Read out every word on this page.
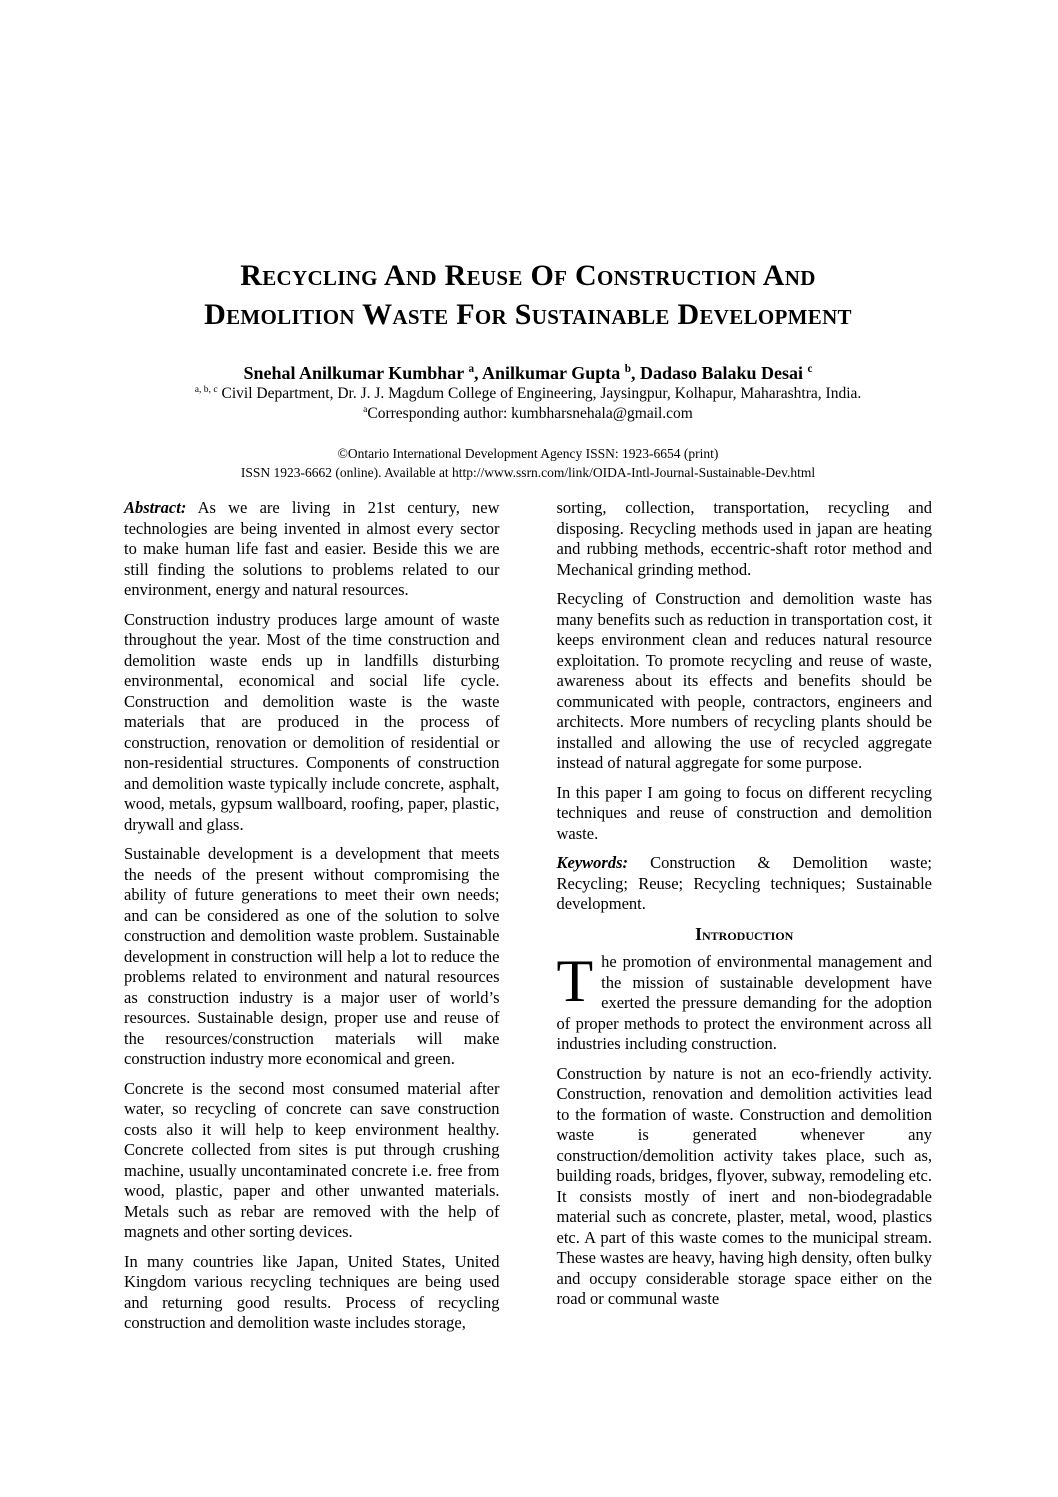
Recycling And Reuse Of Construction And
Demolition Waste For Sustainable Development
Snehal Anilkumar Kumbhar $^a$, Anilkumar Gupta $^b$, Dadaso Balaku Desai $^c$
$^{a, b, c}$ Civil Department, Dr. J. J. Magdum College of Engineering, Jaysingpur, Kolhapur, Maharashtra, India.
$^a$Corresponding author: kumbharsnehala@gmail.com
©Ontario International Development Agency ISSN: 1923-6654 (print)
ISSN 1923-6662 (online). Available at http://www.ssrn.com/link/OIDA-Intl-Journal-Sustainable-Dev.html

Abstract: As we are living in 21st century, new technologies are being invented in almost every sector to make human life fast and easier. Beside this we are still finding the solutions to problems related to our environment, energy and natural resources.

Construction industry produces large amount of waste throughout the year. Most of the time construction and demolition waste ends up in landfills disturbing environmental, economical and social life cycle. Construction and demolition waste is the waste materials that are produced in the process of construction, renovation or demolition of residential or non-residential structures. Components of construction and demolition waste typically include concrete, asphalt, wood, metals, gypsum wallboard, roofing, paper, plastic, drywall and glass.

Sustainable development is a development that meets the needs of the present without compromising the ability of future generations to meet their own needs; and can be considered as one of the solution to solve construction and demolition waste problem. Sustainable development in construction will help a lot to reduce the problems related to environment and natural resources as construction industry is a major user of world’s resources. Sustainable design, proper use and reuse of the resources/construction materials will make construction industry more economical and green.

Concrete is the second most consumed material after water, so recycling of concrete can save construction costs also it will help to keep environment healthy. Concrete collected from sites is put through crushing machine, usually uncontaminated concrete i.e. free from wood, plastic, paper and other unwanted materials. Metals such as rebar are removed with the help of magnets and other sorting devices.

In many countries like Japan, United States, United Kingdom various recycling techniques are being used and returning good results. Process of recycling construction and demolition waste includes storage,

sorting, collection, transportation, recycling and disposing. Recycling methods used in japan are heating and rubbing methods, eccentric-shaft rotor method and Mechanical grinding method.

Recycling of Construction and demolition waste has many benefits such as reduction in transportation cost, it keeps environment clean and reduces natural resource exploitation. To promote recycling and reuse of waste, awareness about its effects and benefits should be communicated with people, contractors, engineers and architects. More numbers of recycling plants should be installed and allowing the use of recycled aggregate instead of natural aggregate for some purpose.

In this paper I am going to focus on different recycling techniques and reuse of construction and demolition waste.

Keywords: Construction & Demolition waste; Recycling; Reuse; Recycling techniques; Sustainable development.

Introduction

The promotion of environmental management and the mission of sustainable development have exerted the pressure demanding for the adoption of proper methods to protect the environment across all industries including construction.

Construction by nature is not an eco-friendly activity. Construction, renovation and demolition activities lead to the formation of waste. Construction and demolition waste is generated whenever any construction/demolition activity takes place, such as, building roads, bridges, flyover, subway, remodeling etc. It consists mostly of inert and non-biodegradable material such as concrete, plaster, metal, wood, plastics etc. A part of this waste comes to the municipal stream. These wastes are heavy, having high density, often bulky and occupy considerable storage space either on the road or communal waste
